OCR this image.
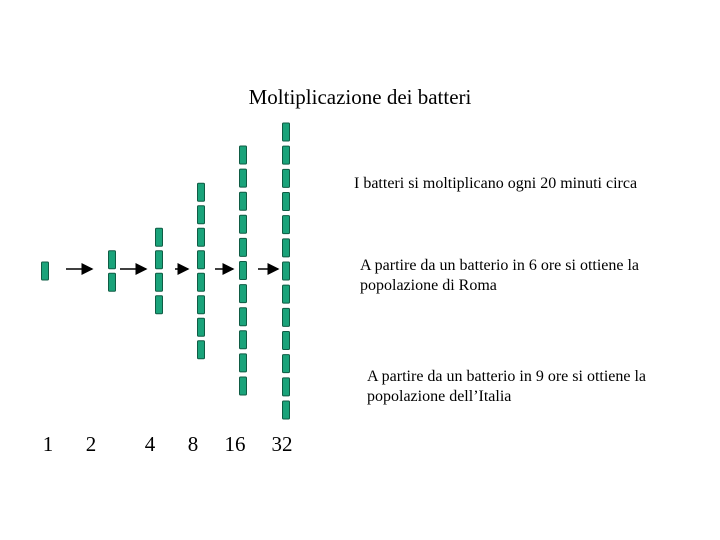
Moltiplicazione dei batteri
I batteri si moltiplicano ogni 20 minuti circa
A partire da un batterio in 6 ore si ottiene la popolazione di Roma
A partire da un batterio in 9 ore si ottiene la popolazione dell’Italia
1	2	4	8	16	32
